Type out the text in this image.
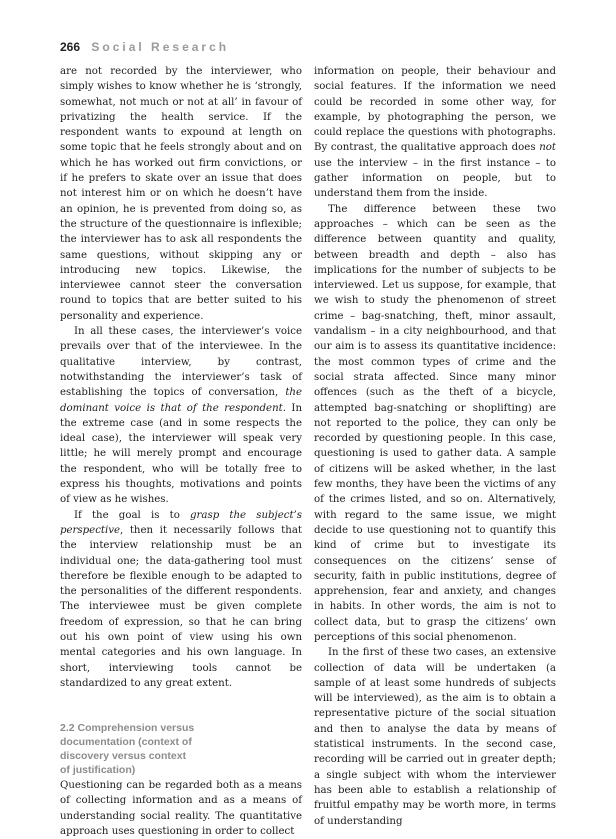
266 Social Research

are not recorded by the interviewer, who simply wishes to know whether he is ‘strongly, somewhat, not much or not at all’ in favour of privatizing the health service. If the respondent wants to expound at length on some topic that he feels strongly about and on which he has worked out firm convictions, or if he prefers to skate over an issue that does not interest him or on which he doesn’t have an opinion, he is prevented from doing so, as the structure of the questionnaire is inflexible; the interviewer has to ask all respondents the same questions, without skipping any or introducing new topics. Likewise, the interviewee cannot steer the conversation round to topics that are better suited to his personality and experience.

In all these cases, the interviewer’s voice prevails over that of the interviewee. In the qualitative interview, by contrast, notwithstanding the interviewer’s task of establishing the topics of conversation, the dominant voice is that of the respondent. In the extreme case (and in some respects the ideal case), the interviewer will speak very little; he will merely prompt and encourage the respondent, who will be totally free to express his thoughts, motivations and points of view as he wishes.

If the goal is to grasp the subject’s perspective, then it necessarily follows that the interview relationship must be an individual one; the data-gathering tool must therefore be flexible enough to be adapted to the personalities of the different respondents. The interviewee must be given complete freedom of expression, so that he can bring out his own point of view using his own mental categories and his own language. In short, interviewing tools cannot be standardized to any great extent.

2.2 Comprehension versus
documentation (context of
discovery versus context
of justification)

Questioning can be regarded both as a means of collecting information and as a means of understanding social reality. The quantitative approach uses questioning in order to collect

information on people, their behaviour and social features. If the information we need could be recorded in some other way, for example, by photographing the person, we could replace the questions with photographs. By contrast, the qualitative approach does not use the interview – in the first instance – to gather information on people, but to understand them from the inside.

The difference between these two approaches – which can be seen as the difference between quantity and quality, between breadth and depth – also has implications for the number of subjects to be interviewed. Let us suppose, for example, that we wish to study the phenomenon of street crime – bag-snatching, theft, minor assault, vandalism – in a city neighbourhood, and that our aim is to assess its quantitative incidence: the most common types of crime and the social strata affected. Since many minor offences (such as the theft of a bicycle, attempted bag-snatching or shoplifting) are not reported to the police, they can only be recorded by questioning people. In this case, questioning is used to gather data. A sample of citizens will be asked whether, in the last few months, they have been the victims of any of the crimes listed, and so on. Alternatively, with regard to the same issue, we might decide to use questioning not to quantify this kind of crime but to investigate its consequences on the citizens’ sense of security, faith in public institutions, degree of apprehension, fear and anxiety, and changes in habits. In other words, the aim is not to collect data, but to grasp the citizens’ own perceptions of this social phenomenon.

In the first of these two cases, an extensive collection of data will be undertaken (a sample of at least some hundreds of subjects will be interviewed), as the aim is to obtain a representative picture of the social situation and then to analyse the data by means of statistical instruments. In the second case, recording will be carried out in greater depth; a single subject with whom the interviewer has been able to establish a relationship of fruitful empathy may be worth more, in terms of understanding
